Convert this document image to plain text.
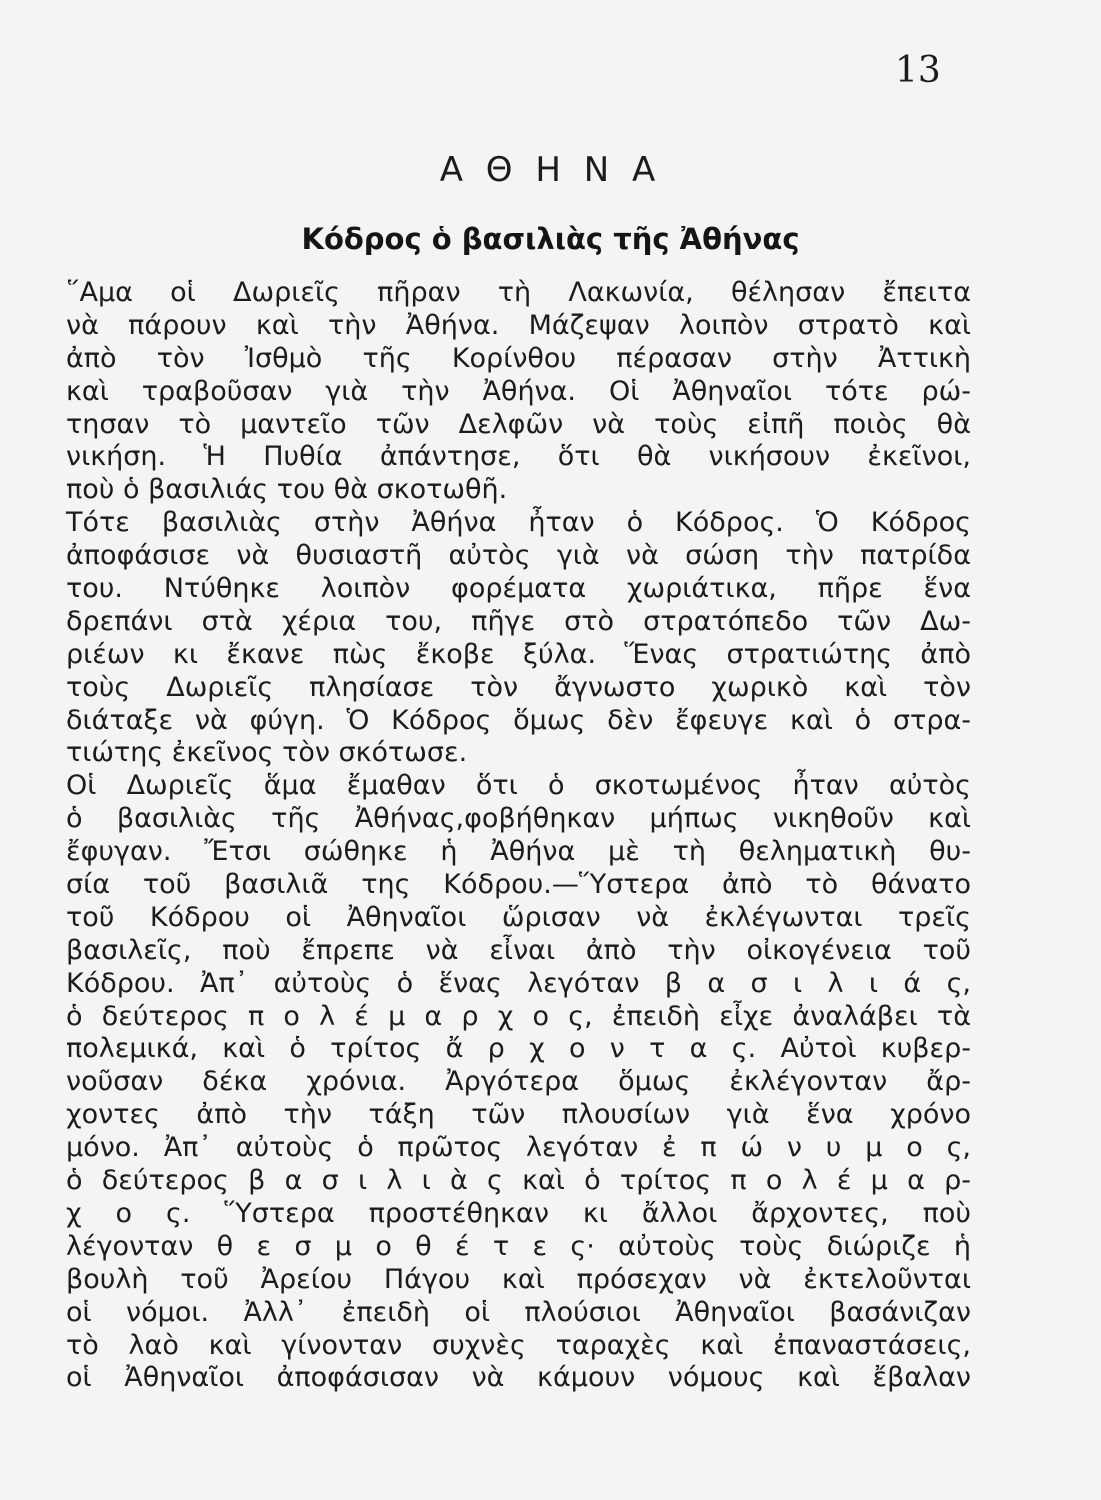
13
Α Θ Η Ν Α
Κόδρος ὁ βασιλιὰς τῆς Ἀθήνας
῞Αμα οἱ Δωριεῖς πῆραν τὴ Λακωνία, θέλησαν ἔπειτα
νὰ πάρουν καὶ τὴν Ἀθήνα. Μάζεψαν λοιπὸν στρατὸ καὶ
ἀπὸ τὸν Ἰσθμὸ τῆς Κορίνθου πέρασαν στὴν Ἀττικὴ
καὶ τραβοῦσαν γιὰ τὴν Ἀθήνα. Οἱ Ἀθηναῖοι τότε ρώ-
τησαν τὸ μαντεῖο τῶν Δελφῶν νὰ τοὺς εἰπῆ ποιὸς θὰ
νικήση. Ἡ Πυθία ἀπάντησε, ὅτι θὰ νικήσουν ἐκεῖνοι,
ποὺ ὁ βασιλιάς του θὰ σκοτωθῆ.
Τότε βασιλιὰς στὴν Ἀθήνα ἦταν ὁ Κόδρος. Ὁ Κόδρος
ἀποφάσισε νὰ θυσιαστῆ αὐτὸς γιὰ νὰ σώση τὴν πατρίδα
του. Ντύθηκε λοιπὸν φορέματα χωριάτικα, πῆρε ἕνα
δρεπάνι στὰ χέρια του, πῆγε στὸ στρατόπεδο τῶν Δω-
ριέων κι ἔκανε πὼς ἔκοβε ξύλα. Ἕνας στρατιώτης ἀπὸ
τοὺς Δωριεῖς πλησίασε τὸν ἄγνωστο χωρικὸ καὶ τὸν
διάταξε νὰ φύγη. Ὁ Κόδρος ὅμως δὲν ἔφευγε καὶ ὁ στρα-
τιώτης ἐκεῖνος τὸν σκότωσε.
Οἱ Δωριεῖς ἅμα ἔμαθαν ὅτι ὁ σκοτωμένος ἦταν αὐτὸς
ὁ βασιλιὰς τῆς Ἀθήνας,φοβήθηκαν μήπως νικηθοῦν καὶ
ἔφυγαν. Ἔτσι σώθηκε ἡ Ἀθήνα μὲ τὴ θεληματικὴ θυ-
σία τοῦ βασιλιᾶ της Κόδρου.—Ὕστερα ἀπὸ τὸ θάνατο
τοῦ Κόδρου οἱ Ἀθηναῖοι ὥρισαν νὰ ἐκλέγωνται τρεῖς
βασιλεῖς, ποὺ ἔπρεπε νὰ εἶναι ἀπὸ τὴν οἰκογένεια τοῦ
Κόδρου. Ἀπ᾽ αὐτοὺς ὁ ἕνας λεγόταν β α σ ι λ ι ά ς,
ὁ δεύτερος π ο λ έ μ α ρ χ ο ς, ἐπειδὴ εἶχε ἀναλάβει τὰ
πολεμικά, καὶ ὁ τρίτος ἄ ρ χ ο ν τ α ς. Αὐτοὶ κυβερ-
νοῦσαν δέκα χρόνια. Ἀργότερα ὅμως ἐκλέγονταν ἄρ-
χοντες ἀπὸ τὴν τάξη τῶν πλουσίων γιὰ ἕνα χρόνο
μόνο. Ἀπ᾽ αὐτοὺς ὁ πρῶτος λεγόταν ἐ π ώ ν υ μ ο ς,
ὁ δεύτερος β α σ ι λ ι ὰ ς καὶ ὁ τρίτος π ο λ έ μ α ρ-
χ ο ς. Ὕστερα προστέθηκαν κι ἄλλοι ἄρχοντες, ποὺ
λέγονταν θ ε σ μ ο θ έ τ ε ς· αὐτοὺς τοὺς διώριζε ἡ
βουλὴ τοῦ Ἀρείου Πάγου καὶ πρόσεχαν νὰ ἐκτελοῦνται
οἱ νόμοι. Ἀλλ᾽ ἐπειδὴ οἱ πλούσιοι Ἀθηναῖοι βασάνιζαν
τὸ λαὸ καὶ γίνονταν συχνὲς ταραχὲς καὶ ἐπαναστάσεις,
οἱ Ἀθηναῖοι ἀποφάσισαν νὰ κάμουν νόμους καὶ ἔβαλαν
